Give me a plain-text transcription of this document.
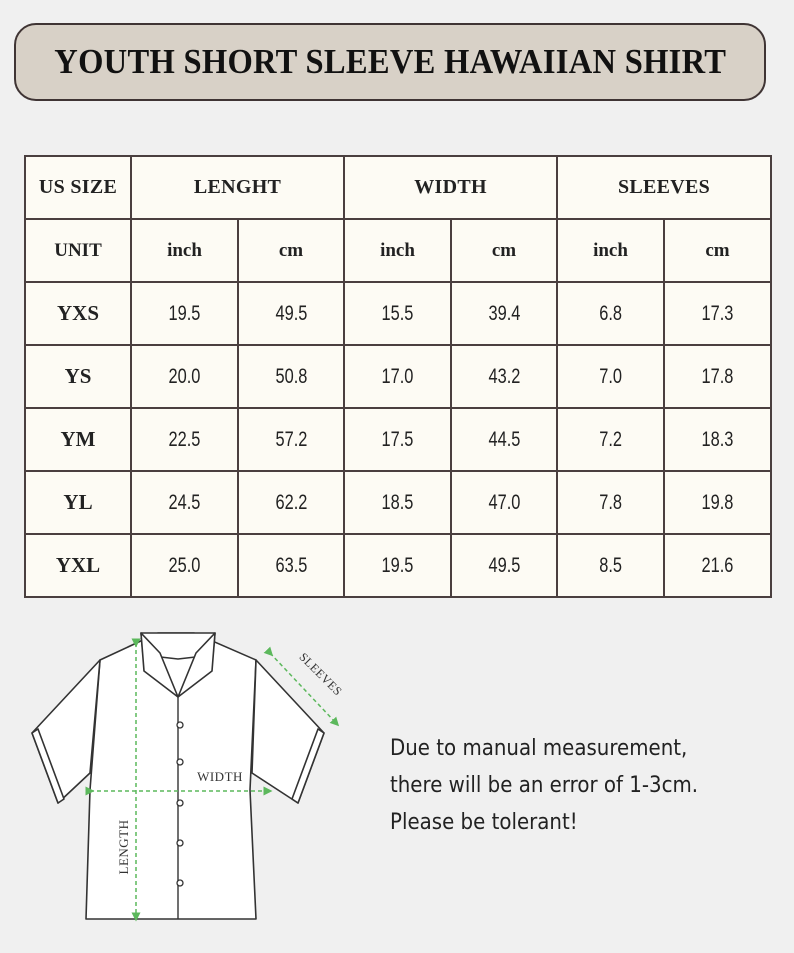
YOUTH SHORT SLEEVE HAWAIIAN SHIRT
US SIZE	LENGHT		WIDTH		SLEEVES	
UNIT	inch	cm	inch	cm	inch	cm
YXS	19.5	49.5	15.5	39.4	6.8	17.3
YS	20.0	50.8	17.0	43.2	7.0	17.8
YM	22.5	57.2	17.5	44.5	7.2	18.3
YL	24.5	62.2	18.5	47.0	7.8	19.8
YXL	25.0	63.5	19.5	49.5	8.5	21.6
WIDTH
LENGTH
SLEEVES
Due to manual measurement,
there will be an error of 1-3cm.
Please be tolerant!
